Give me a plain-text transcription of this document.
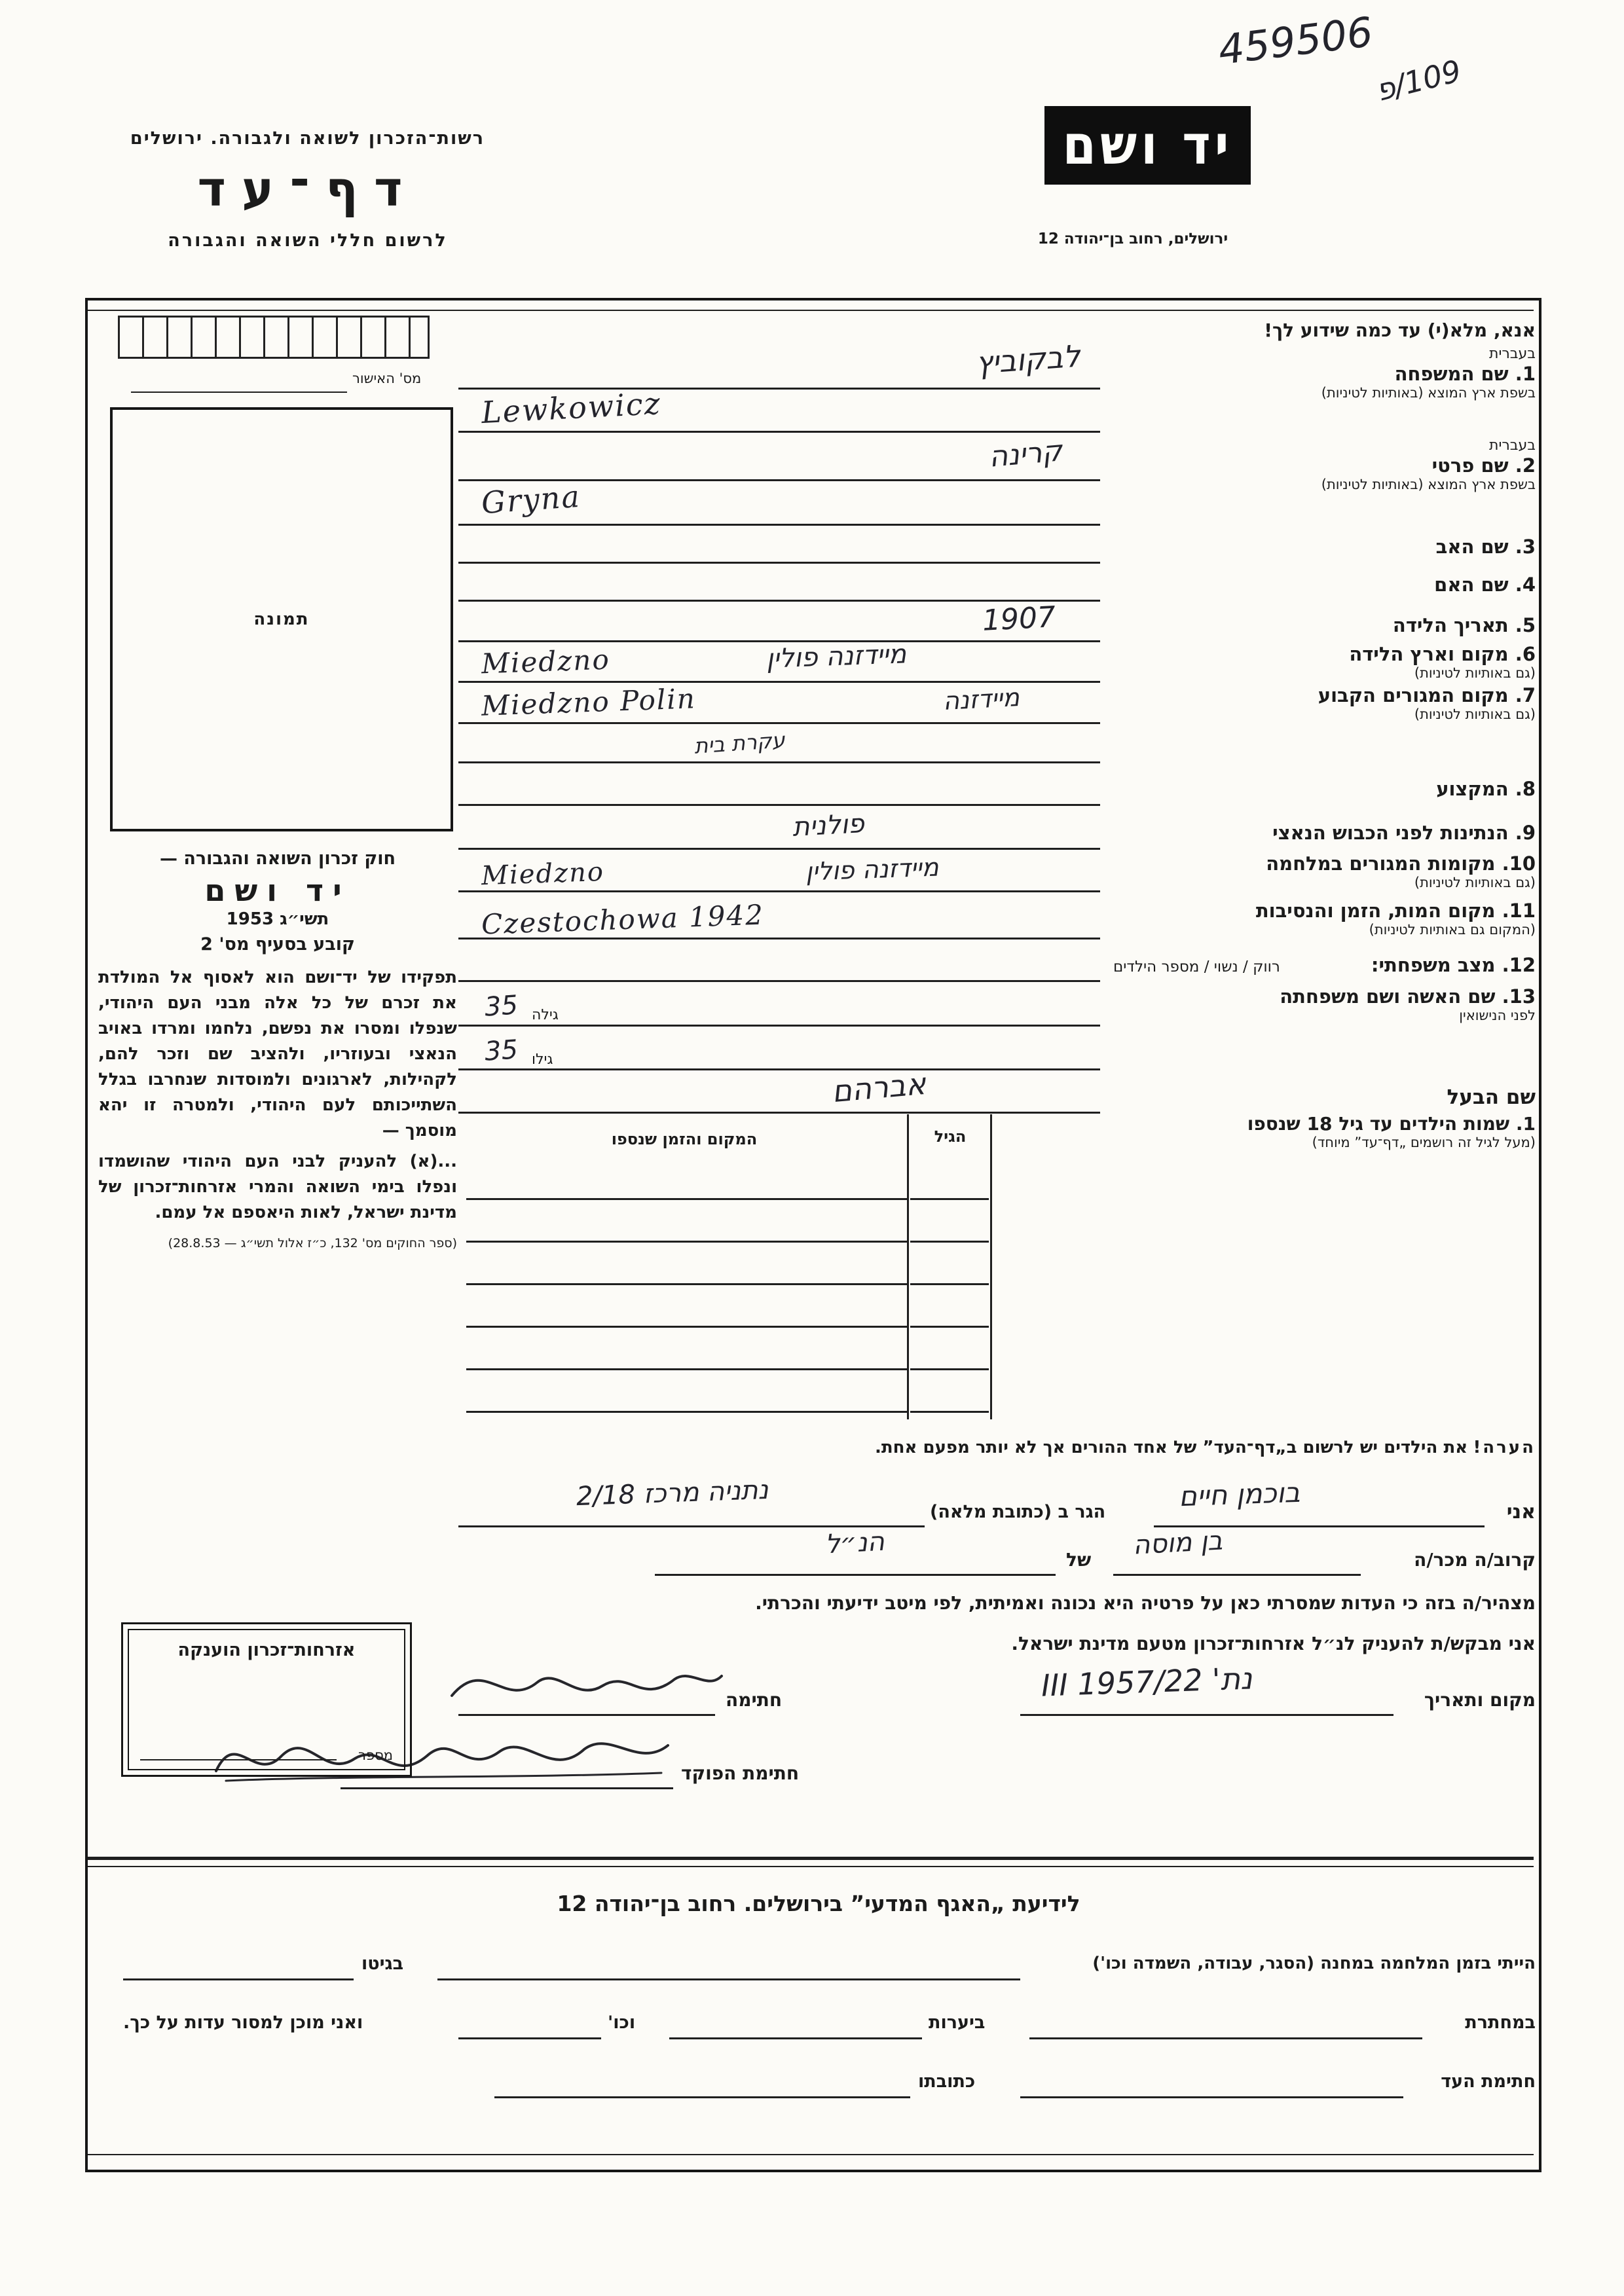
459506
109/פ
רשות־הזכרון לשואה ולגבורה. ירושלים
דף־עד
לרשום חללי השואה והגבורה
יד ושם
ירושלים, רחוב בן־יהודה 12
אנא, מלא(י) עד כמה שידוע לך!
מס' האישור
תמונה
חוק זכרון השואה והגבורה —
יד ושם
תשי״ג 1953
קובע בסעיף מס' 2
תפקידו של יד־ושם הוא לאסוף אל המולדת את זכרם של כל אלה מבני העם היהודי, שנפלו ומסרו את נפשם, נלחמו ומרדו באויב הנאצי ובעוזריו, ולהציב שם וזכר להם, לקהילות, לארגונים ולמוסדות שנחרבו בגלל השתייכותם לעם היהודי, ולמטרה זו יהא מוסמך —
...(א) להעניק לבני העם היהודי שהושמדו ונפלו בימי השואה והמרי אזרחות־זכרון של מדינת ישראל, לאות היאספם אל עמם.
(ספר החוקים מס' 132, כ״ז אלול תשי״ג — 28.8.53)
בעברית
1. שם המשפחה
בשפת ארץ המוצא (באותיות לטיניות)
בעברית
2. שם פרטי
בשפת ארץ המוצא (באותיות לטיניות)
3. שם האב
4. שם האם
5. תאריך הלידה
6. מקום וארץ הלידה
(גם באותיות לטיניות)
7. מקום המגורים הקבוע
(גם באותיות לטיניות)
8. המקצוע
9. הנתינות לפני הכבוש הנאצי
10. מקומות המגורים במלחמה
(גם באותיות לטיניות)
11. מקום המות, הזמן והנסיבות
(המקום גם באותיות לטיניות)
12. מצב משפחתי:
רווק / נשוי / מספר הילדים
13. שם האשה ושם משפחתה
לפני הנישואין
שם הבעל
35 גילה
35 גילו
לבקוביץ
Lewkowicz
קרינה
Gryna
1907
מיידזנה פולין
Miedzno
Miedzno Polin	מיידזנה
עקרת בית
פולנית
מיידזנה פולין
Miedzno
Czestochowa 1942
אברהם
1. שמות הילדים עד גיל 18 שנספו
(מעל לגיל זה רושמים „דף־עד” מיוחד)
הגיל
המקום והזמן שנספו
הערה! את הילדים יש לרשום ב„דף־העד” של אחד ההורים אך לא יותר מפעם אחת.
אני
בוכמן חיים
הגר ב (כתובת מלאה)
נתניה מרכז 2/18
קרוב/ה מכר/ה
בן מוסה
של
הנ״ל
מצהיר/ה בזה כי העדות שמסרתי כאן על פרטיה היא נכונה ואמיתית, לפי מיטב ידיעתי והכרתי.
אני מבקש/ת להעניק לנ״ל אזרחות־זכרון מטעם מדינת ישראל.
מקום ותאריך
נת' 22/III 1957
חתימה
חתימת הפוקד
אזרחות־זכרון הוענקה
מספר
לידיעת „האגף המדעי” בירושלים. רחוב בן־יהודה 12
הייתי בזמן המלחמה במחנה (הסגר, עבודה, השמדה וכו')
בגיטו
במחתרת
ביערות
וכו'
ואני מוכן למסור עדות על כך.
חתימת העד
כתובתו
